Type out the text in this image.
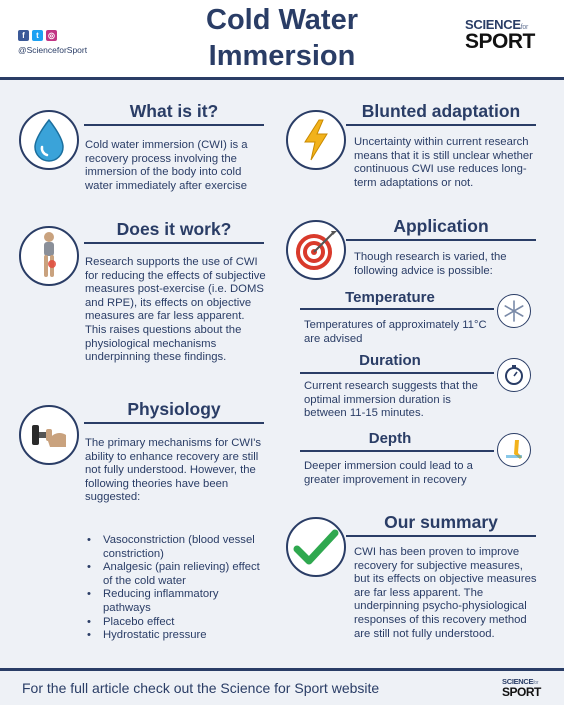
f	t	◎
@ScienceforSport
Cold Water
Immersion
SCIENCEfor
SPORT
What is it?
Cold water immersion (CWI) is a recovery process involving the immersion of the body into cold water immediately after exercise
Does it work?
Research supports the use of CWI for reducing the effects of subjective measures post-exercise (i.e. DOMS and RPE), its effects on objective measures are far less apparent. This raises questions about the physiological mechanisms underpinning these findings.
Physiology
The primary mechanisms for CWI's ability to enhance recovery are still not fully understood. However, the following theories have been suggested:
• Vasoconstriction (blood vessel constriction)
• Analgesic (pain relieving) effect of the cold water
• Reducing inflammatory pathways
• Placebo effect
• Hydrostatic pressure
Blunted adaptation
Uncertainty within current research means that it is still unclear whether continuous CWI use reduces long-term adaptations or not.
Application
Though research is varied, the following advice is possible:
Temperature
Temperatures of approximately 11°C are advised
Duration
Current research suggests that the optimal immersion duration is between 11-15 minutes.
Depth
Deeper immersion could lead to a greater improvement in recovery
Our summary
CWI has been proven to improve recovery for subjective measures, but its effects on objective measures are far less apparent. The underpinning psycho-physiological responses of this recovery method are still not fully understood.
For the full article check out the Science for Sport website	SCIENCEfor
SPORT
